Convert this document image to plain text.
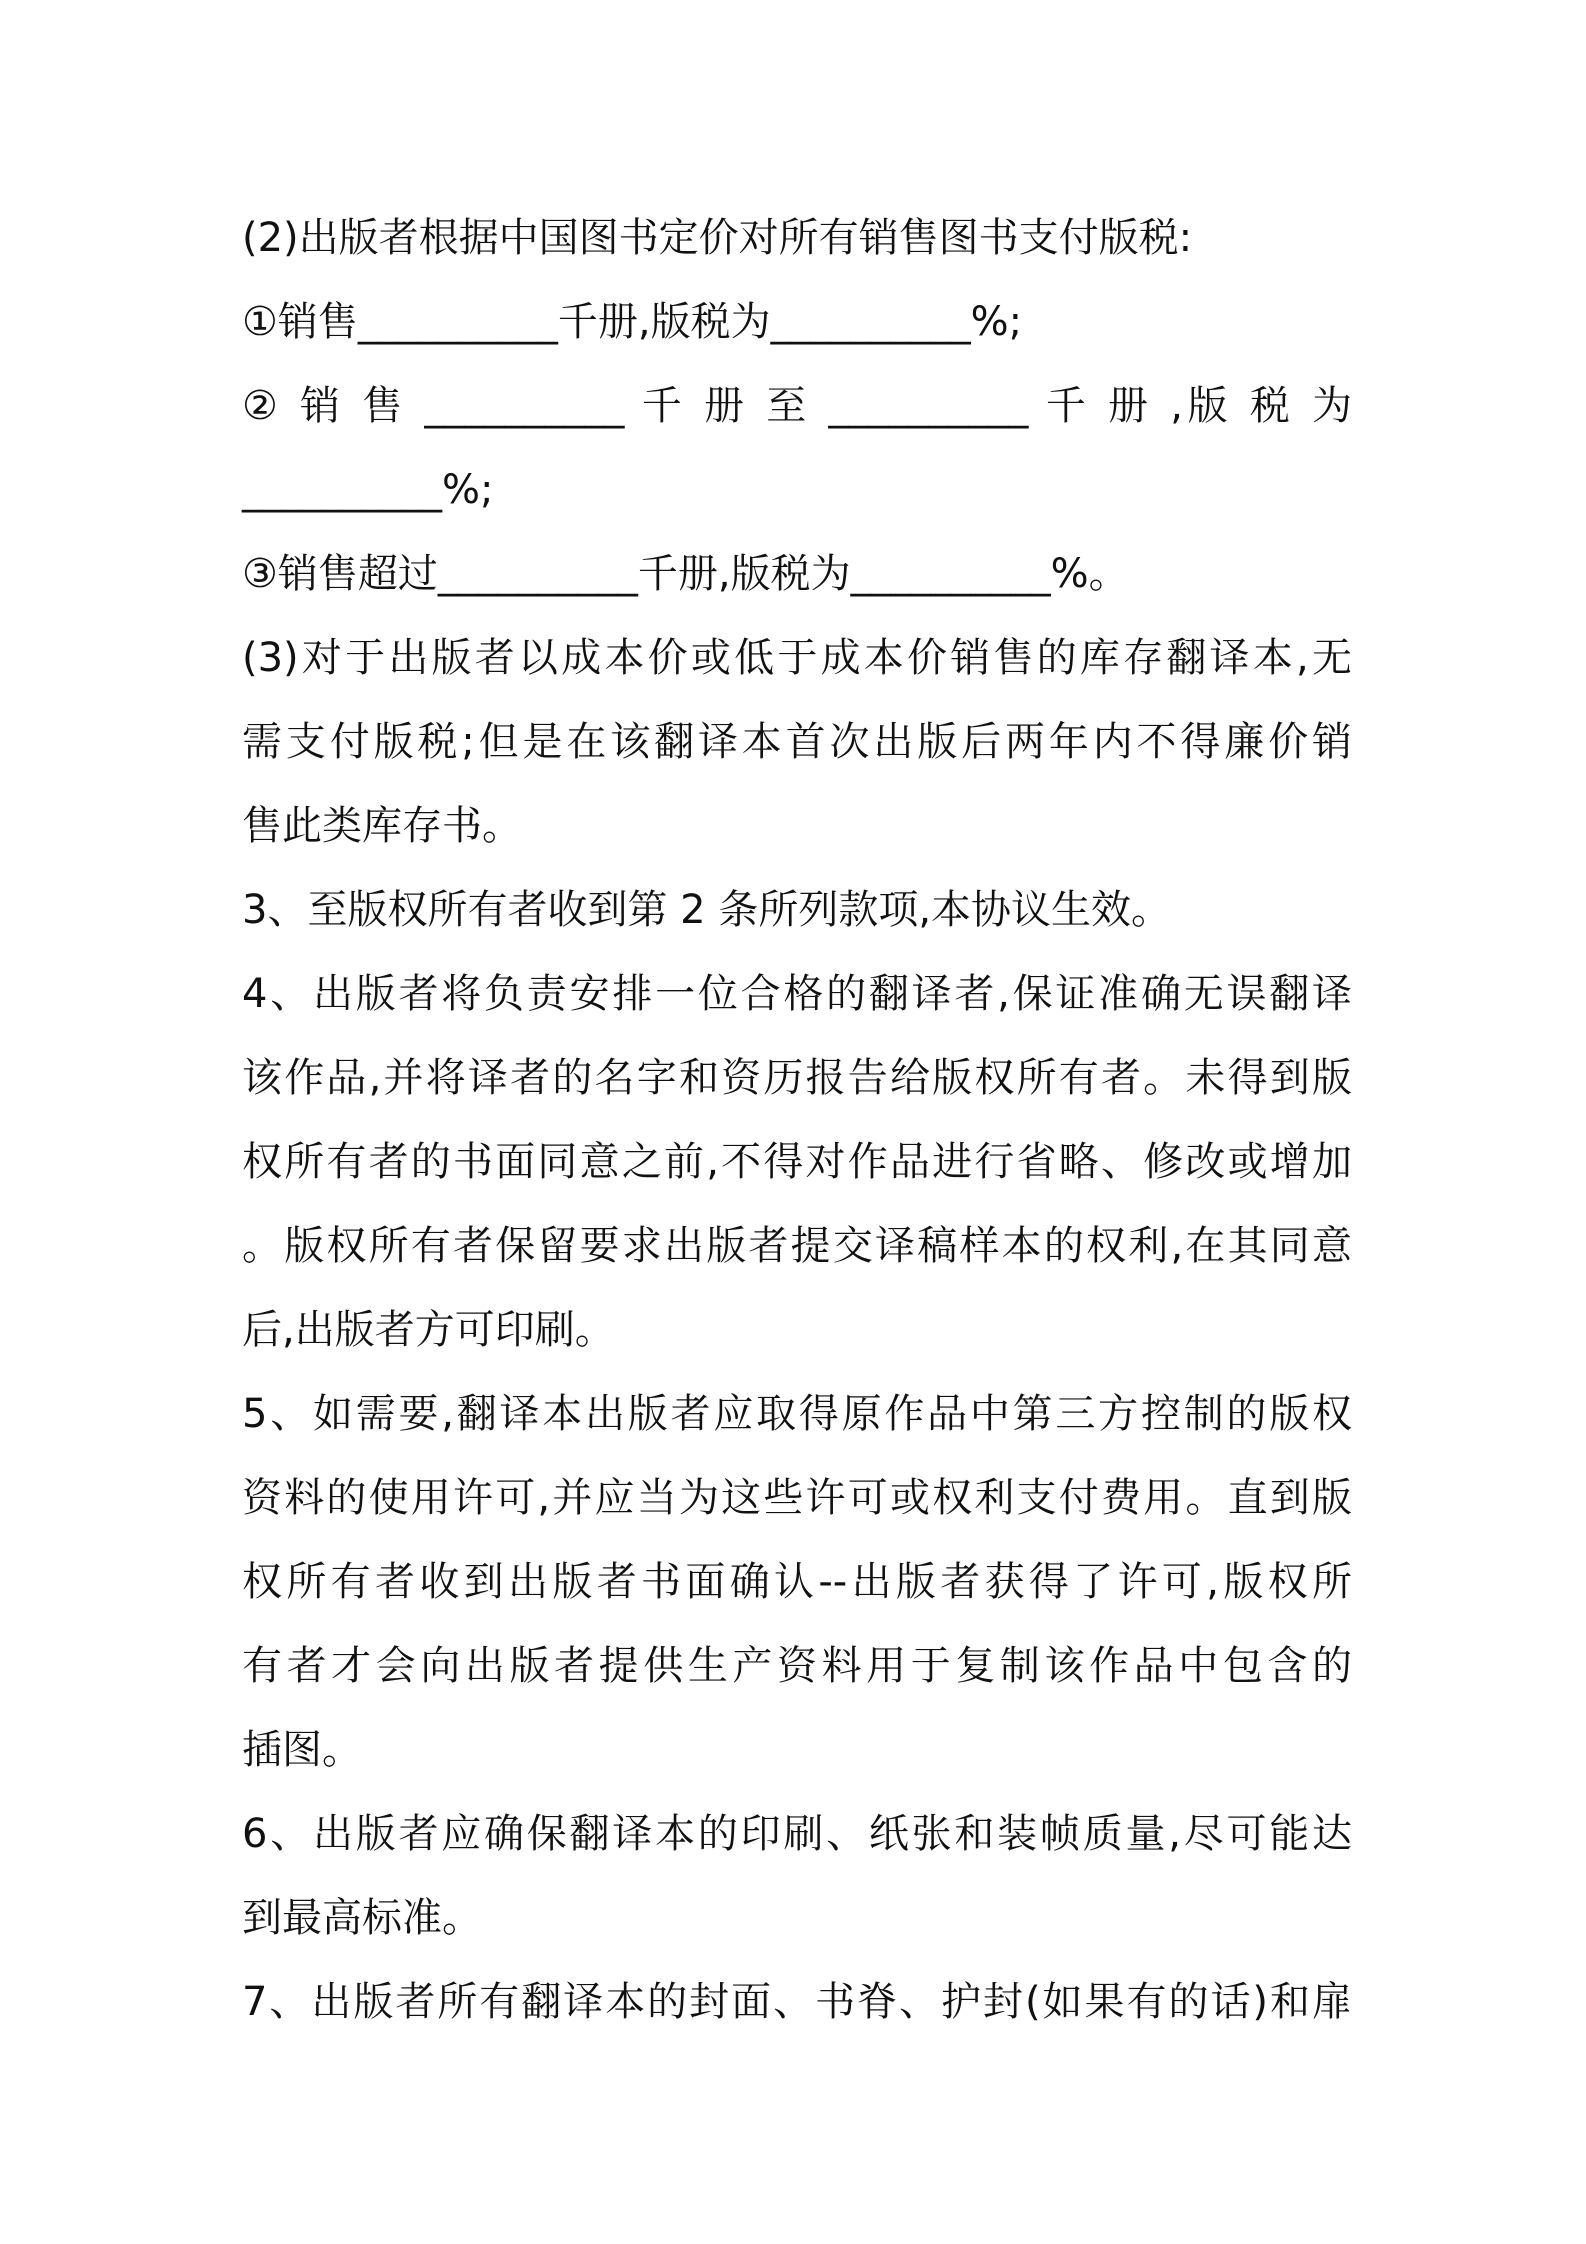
(2)出版者根据中国图书定价对所有销售图书支付版税:
①销售__________千册,版税为__________%;
② 销 售 __________ 千 册 至 __________ 千 册 ,版 税 为
__________%;
③销售超过__________千册,版税为__________%。
(3)对于出版者以成本价或低于成本价销售的库存翻译本,无
需支付版税;但是在该翻译本首次出版后两年内不得廉价销
售此类库存书。
3、至版权所有者收到第 2 条所列款项,本协议生效。
4、出版者将负责安排一位合格的翻译者,保证准确无误翻译
该作品,并将译者的名字和资历报告给版权所有者。未得到版
权所有者的书面同意之前,不得对作品进行省略、修改或增加
。版权所有者保留要求出版者提交译稿样本的权利,在其同意
后,出版者方可印刷。
5、如需要,翻译本出版者应取得原作品中第三方控制的版权
资料的使用许可,并应当为这些许可或权利支付费用。直到版
权所有者收到出版者书面确认--出版者获得了许可,版权所
有者才会向出版者提供生产资料用于复制该作品中包含的
插图。
6、出版者应确保翻译本的印刷、纸张和装帧质量,尽可能达
到最高标准。
7、出版者所有翻译本的封面、书脊、护封(如果有的话)和扉
